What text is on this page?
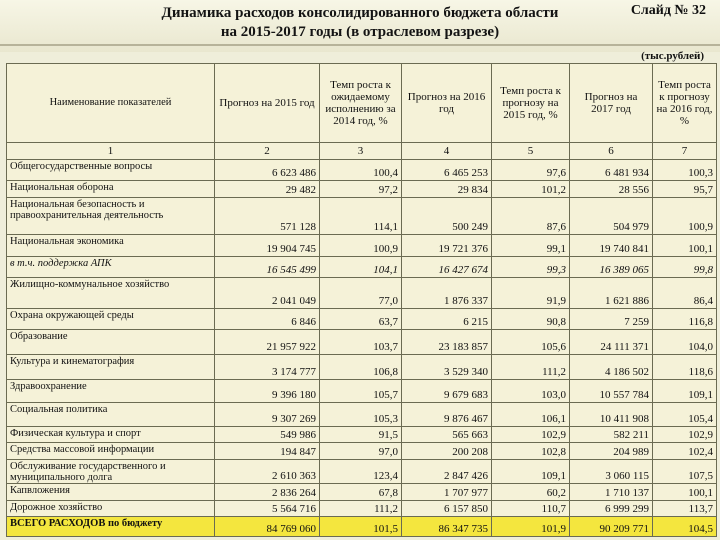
Динамика расходов консолидированного бюджета области
на 2015-2017 годы (в отраслевом разрезе)
Слайд № 32
(тыс.рублей)
Наименование показателей	Прогноз на 2015 год	Темп роста к ожидаемому исполнению за 2014 год, %	Прогноз на 2016 год	Темп роста к прогнозу на 2015 год, %	Прогноз на 2017 год	Темп роста к прогнозу на 2016 год, %
1	2	3	4	5	6	7
Общегосударственные вопросы	6 623 486	100,4	6 465 253	97,6	6 481 934	100,3
Национальная оборона	29 482	97,2	29 834	101,2	28 556	95,7
Национальная безопасность и правоохранительная деятельность	571 128	114,1	500 249	87,6	504 979	100,9
Национальная экономика	19 904 745	100,9	19 721 376	99,1	19 740 841	100,1
в т.ч. поддержка АПК	16 545 499	104,1	16 427 674	99,3	16 389 065	99,8
Жилищно-коммунальное хозяйство	2 041 049	77,0	1 876 337	91,9	1 621 886	86,4
Охрана окружающей среды	6 846	63,7	6 215	90,8	7 259	116,8
Образование	21 957 922	103,7	23 183 857	105,6	24 111 371	104,0
Культура и кинематография	3 174 777	106,8	3 529 340	111,2	4 186 502	118,6
Здравоохранение	9 396 180	105,7	9 679 683	103,0	10 557 784	109,1
Социальная политика	9 307 269	105,3	9 876 467	106,1	10 411 908	105,4
Физическая культура и спорт	549 986	91,5	565 663	102,9	582 211	102,9
Средства массовой информации	194 847	97,0	200 208	102,8	204 989	102,4
Обслуживание государственного и муниципального долга	2 610 363	123,4	2 847 426	109,1	3 060 115	107,5
Капвложения	2 836 264	67,8	1 707 977	60,2	1 710 137	100,1
Дорожное хозяйство	5 564 716	111,2	6 157 850	110,7	6 999 299	113,7
ВСЕГО РАСХОДОВ по бюджету	84 769 060	101,5	86 347 735	101,9	90 209 771	104,5
